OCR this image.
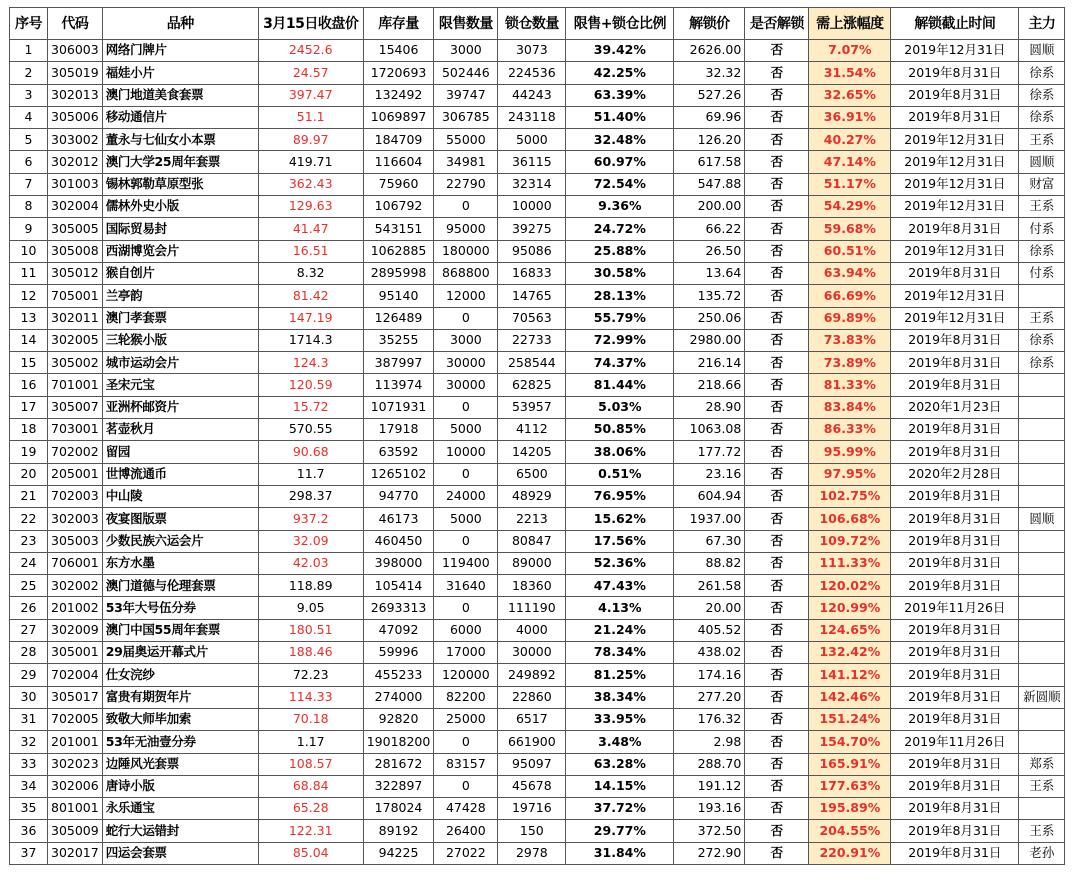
序号	代码	品种	3月15日收盘价	库存量	限售数量	锁仓数量	限售+锁仓比例	解锁价	是否解锁	需上涨幅度	解锁截止时间	主力
1	306003	网络门牌片	2452.6	15406	3000	3073	39.42%	2626.00	否	7.07%	2019年12月31日	圆顺
2	305019	福娃小片	24.57	1720693	502446	224536	42.25%	32.32	否	31.54%	2019年8月31日	徐系
3	302013	澳门地道美食套票	397.47	132492	39747	44243	63.39%	527.26	否	32.65%	2019年8月31日	徐系
4	305006	移动通信片	51.1	1069897	306785	243118	51.40%	69.96	否	36.91%	2019年8月31日	徐系
5	303002	董永与七仙女小本票	89.97	184709	55000	5000	32.48%	126.20	否	40.27%	2019年12月31日	王系
6	302012	澳门大学25周年套票	419.71	116604	34981	36115	60.97%	617.58	否	47.14%	2019年12月31日	圆顺
7	301003	锡林郭勒草原型张	362.43	75960	22790	32314	72.54%	547.88	否	51.17%	2019年12月31日	财富
8	302004	儒林外史小版	129.63	106792	0	10000	9.36%	200.00	否	54.29%	2019年12月31日	王系
9	305005	国际贸易封	41.47	543151	95000	39275	24.72%	66.22	否	59.68%	2019年8月31日	付系
10	305008	西湖博览会片	16.51	1062885	180000	95086	25.88%	26.50	否	60.51%	2019年12月31日	徐系
11	305012	猴自创片	8.32	2895998	868800	16833	30.58%	13.64	否	63.94%	2019年8月31日	付系
12	705001	兰亭韵	81.42	95140	12000	14765	28.13%	135.72	否	66.69%	2019年12月31日	
13	302011	澳门孝套票	147.19	126489	0	70563	55.79%	250.06	否	69.89%	2019年12月31日	王系
14	302005	三轮猴小版	1714.3	35255	3000	22733	72.99%	2980.00	否	73.83%	2019年8月31日	徐系
15	305002	城市运动会片	124.3	387997	30000	258544	74.37%	216.14	否	73.89%	2019年8月31日	徐系
16	701001	圣宋元宝	120.59	113974	30000	62825	81.44%	218.66	否	81.33%	2019年8月31日	
17	305007	亚洲杯邮资片	15.72	1071931	0	53957	5.03%	28.90	否	83.84%	2020年1月23日	
18	703001	茗壶秋月	570.55	17918	5000	4112	50.85%	1063.08	否	86.33%	2019年8月31日	
19	702002	留园	90.68	63592	10000	14205	38.06%	177.72	否	95.99%	2019年8月31日	
20	205001	世博流通币	11.7	1265102	0	6500	0.51%	23.16	否	97.95%	2020年2月28日	
21	702003	中山陵	298.37	94770	24000	48929	76.95%	604.94	否	102.75%	2019年8月31日	
22	302003	夜宴图版票	937.2	46173	5000	2213	15.62%	1937.00	否	106.68%	2019年8月31日	圆顺
23	305003	少数民族六运会片	32.09	460450	0	80847	17.56%	67.30	否	109.72%	2019年8月31日	
24	706001	东方水墨	42.03	398000	119400	89000	52.36%	88.82	否	111.33%	2019年8月31日	
25	302002	澳门道德与伦理套票	118.89	105414	31640	18360	47.43%	261.58	否	120.02%	2019年8月31日	
26	201002	53年大号伍分券	9.05	2693313	0	111190	4.13%	20.00	否	120.99%	2019年11月26日	
27	302009	澳门中国55周年套票	180.51	47092	6000	4000	21.24%	405.52	否	124.65%	2019年8月31日	
28	305001	29届奥运开幕式片	188.46	59996	17000	30000	78.34%	438.02	否	132.42%	2019年8月31日	
29	702004	仕女浣纱	72.23	455233	120000	249892	81.25%	174.16	否	141.12%	2019年8月31日	
30	305017	富贵有期贺年片	114.33	274000	82200	22860	38.34%	277.20	否	142.46%	2019年8月31日	新圆顺
31	702005	致敬大师毕加索	70.18	92820	25000	6517	33.95%	176.32	否	151.24%	2019年8月31日	
32	201001	53年无油壹分券	1.17	19018200	0	661900	3.48%	2.98	否	154.70%	2019年11月26日	
33	302023	边陲风光套票	108.57	281672	83157	95097	63.28%	288.70	否	165.91%	2019年8月31日	郑系
34	302006	唐诗小版	68.84	322897	0	45678	14.15%	191.12	否	177.63%	2019年8月31日	王系
35	801001	永乐通宝	65.28	178024	47428	19716	37.72%	193.16	否	195.89%	2019年8月31日	
36	305009	蛇行大运错封	122.31	89192	26400	150	29.77%	372.50	否	204.55%	2019年8月31日	王系
37	302017	四运会套票	85.04	94225	27022	2978	31.84%	272.90	否	220.91%	2019年8月31日	老孙
